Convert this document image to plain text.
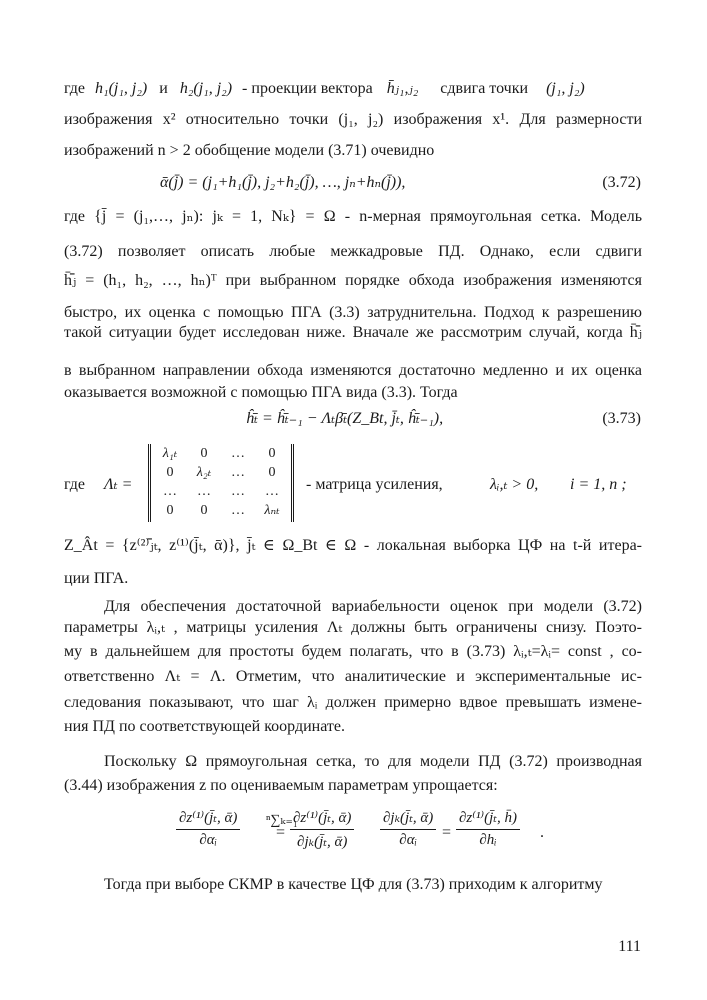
где h₁(j₁, j₂) и h₂(j₁, j₂) - проекции вектора h̄ⱼ₁,ⱼ₂ сдвига точки (j₁, j₂)
изображения x² относительно точки (j₁, j₂) изображения x¹. Для размерности
изображений n > 2 обобщение модели (3.71) очевидно
ᾱ(j̄) = (j₁+h₁(j̄), j₂+h₂(j̄), …, jₙ+hₙ(j̄)),	(3.72)
где {j̄ = (j₁,…, jₙ): jₖ = 1, Nₖ} = Ω - n-мерная прямоугольная сетка. Модель
(3.72) позволяет описать любые межкадровые ПД. Однако, если сдвиги
h̄ⱼ̄ = (h₁, h₂, …, hₙ)ᵀ при выбранном порядке обхода изображения изменяются
быстро, их оценка с помощью ПГА (3.3) затруднительна. Подход к разрешению
такой ситуации будет исследован ниже. Вначале же рассмотрим случай, когда h̄ⱼ̄
в выбранном направлении обхода изменяются достаточно медленно и их оценка
оказывается возможной с помощью ПГА вида (3.3). Тогда
ĥ̄ₜ = ĥ̄ₜ₋₁ − Λₜβ̄ₜ(Z_Bt, j̄ₜ, ĥ̄ₜ₋₁),	(3.73)
где Λₜ =
λ₁ₜ	0	…	0
0	λ₂ₜ	…	0
…	…	…	…
0	0	…	λₙₜ
- матрица усиления,	λᵢ,ₜ > 0, i = 1, n ;
Z_Ât = {z⁽²⁾ⱼ̄ₜ, z⁽¹⁾(j̄ₜ, ᾱ)}, j̄ₜ ∈ Ω_Bt ∈ Ω - локальная выборка ЦФ на t-й итера-
ции ПГА.
Для обеспечения достаточной вариабельности оценок при модели (3.72)
параметры λᵢ,ₜ , матрицы усиления Λₜ должны быть ограничены снизу. Поэто-
му в дальнейшем для простоты будем полагать, что в (3.73) λᵢ,ₜ=λᵢ= const , со-
ответственно Λₜ = Λ. Отметим, что аналитические и экспериментальные ис-
следования показывают, что шаг λᵢ должен примерно вдвое превышать измене-
ния ПД по соответствующей координате.
Поскольку Ω прямоугольная сетка, то для модели ПД (3.72) производная
(3.44) изображения z по оцениваемым параметрам упрощается:
$\frac{\text{∂z⁽¹⁾(j̄ₜ, ᾱ)}}{\text{∂αᵢ}}$ =
ⁿ∑ₖ₌₁
$\frac{\text{∂z⁽¹⁾(j̄ₜ, ᾱ)}}{\text{∂jₖ(j̄ₜ, ᾱ)}} \frac{\text{∂jₖ(j̄ₜ, ᾱ)}}{\text{∂αᵢ}} = \frac{\text{∂z⁽¹⁾(j̄ₜ, h̄)}}{\text{∂hᵢ}}$ .
Тогда при выборе СКМР в качестве ЦФ для (3.73) приходим к алгоритму
111
